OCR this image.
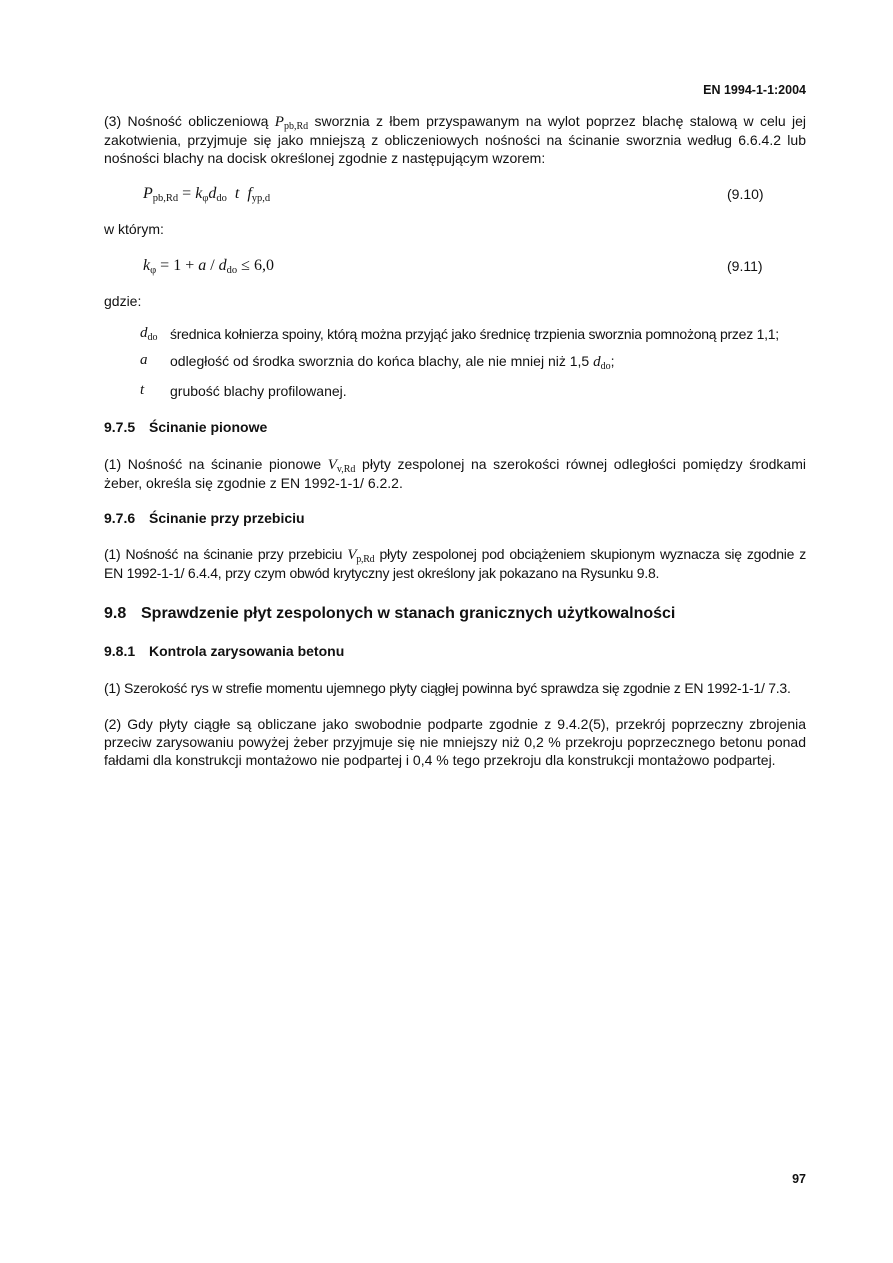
EN 1994-1-1:2004
(3) Nośność obliczeniową $P_{pb,Rd}$ sworznia z łbem przyspawanym na wylot poprzez blachę stalową w celu jej zakotwienia, przyjmuje się jako mniejszą z obliczeniowych nośności na ścinanie sworznia według 6.6.4.2 lub nośności blachy na docisk określonej zgodnie z następującym wzorem:
$P_{pb,Rd} = k_\varphi d_{do}$ t $f_{yp,d}$	(9.10)
w którym:
$k_\varphi = 1 + a / d_{do} \le 6,0$	(9.11)
gdzie:
$d_{do}$ średnica kołnierza spoiny, którą można przyjąć jako średnicę trzpienia sworznia pomnożoną przez 1,1;
a odległość od środka sworznia do końca blachy, ale nie mniej niż 1,5 $d_{do}$;
t grubość blachy profilowanej.
9.7.5 Ścinanie pionowe
(1) Nośność na ścinanie pionowe $V_{v,Rd}$ płyty zespolonej na szerokości równej odległości pomiędzy środkami żeber, określa się zgodnie z EN 1992-1-1/ 6.2.2.
9.7.6 Ścinanie przy przebiciu
(1) Nośność na ścinanie przy przebiciu $V_{p,Rd}$ płyty zespolonej pod obciążeniem skupionym wyznacza się zgodnie z EN 1992-1-1/ 6.4.4, przy czym obwód krytyczny jest określony jak pokazano na Rysunku 9.8.
9.8 Sprawdzenie płyt zespolonych w stanach granicznych użytkowalności
9.8.1 Kontrola zarysowania betonu
(1) Szerokość rys w strefie momentu ujemnego płyty ciągłej powinna być sprawdza się zgodnie z EN 1992-1-1/ 7.3.
(2) Gdy płyty ciągłe są obliczane jako swobodnie podparte zgodnie z 9.4.2(5), przekrój poprzeczny zbrojenia przeciw zarysowaniu powyżej żeber przyjmuje się nie mniejszy niż 0,2 % przekroju poprzecznego betonu ponad fałdami dla konstrukcji montażowo nie podpartej i 0,4 % tego przekroju dla konstrukcji montażowo podpartej.
97
